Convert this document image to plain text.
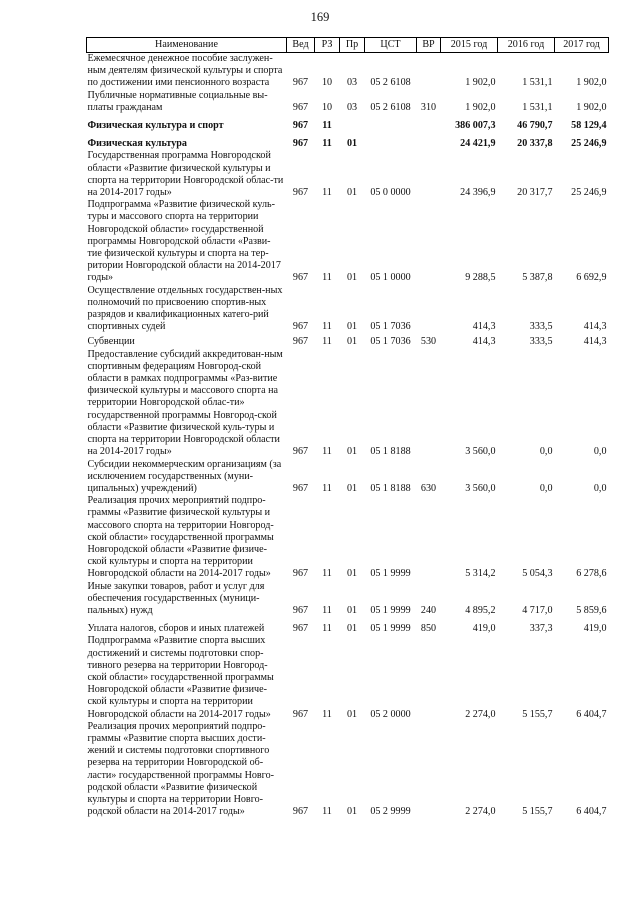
169
Наименование	Вед	РЗ	Пр	ЦСТ	ВР	2015 год	2016 год	2017 год
Ежемесячное денежное пособие заслужен-ным деятелям физической культуры и спорта по достижении ими пенсионного возраста	967	10	03	05 2 6108		1 902,0	1 531,1	1 902,0
Публичные нормативные социальные вы-платы гражданам	967	10	03	05 2 6108	310	1 902,0	1 531,1	1 902,0
Физическая культура и спорт	967	11				386 007,3	46 790,7	58 129,4
Физическая культура	967	11	01			24 421,9	20 337,8	25 246,9
Государственная программа Новгородской области «Развитие физической культуры и спорта на территории Новгородской облас-ти на 2014-2017 годы»	967	11	01	05 0 0000		24 396,9	20 317,7	25 246,9
Подпрограмма «Развитие физической куль-туры и массового спорта на территории Новгородской области» государственной программы Новгородской области «Разви-тие физической культуры и спорта на тер-ритории Новгородской области на 2014-2017 годы»	967	11	01	05 1 0000		9 288,5	5 387,8	6 692,9
Осуществление отдельных государствен-ных полномочий по присвоению спортив-ных разрядов и квалификационных катего-рий спортивных судей	967	11	01	05 1 7036		414,3	333,5	414,3
Субвенции	967	11	01	05 1 7036	530	414,3	333,5	414,3
Предоставление субсидий аккредитован-ным спортивным федерациям Новгород-ской области в рамках подпрограммы «Раз-витие физической культуры и массового спорта на территории Новгородской облас-ти» государственной программы Новгород-ской области «Развитие физической куль-туры и спорта на территории Новгородской области на 2014-2017 годы»	967	11	01	05 1 8188		3 560,0	0,0	0,0
Субсидии некоммерческим организациям (за исключением государственных (муни-ципальных) учреждений)	967	11	01	05 1 8188	630	3 560,0	0,0	0,0
Реализация прочих мероприятий подпро-граммы «Развитие физической культуры и массового спорта на территории Новгород-ской области» государственной программы Новгородской области «Развитие физиче-ской культуры и спорта на территории Новгородской области на 2014-2017 годы»	967	11	01	05 1 9999		5 314,2	5 054,3	6 278,6
Иные закупки товаров, работ и услуг для обеспечения государственных (муници-пальных) нужд	967	11	01	05 1 9999	240	4 895,2	4 717,0	5 859,6
Уплата налогов, сборов и иных платежей	967	11	01	05 1 9999	850	419,0	337,3	419,0
Подпрограмма «Развитие спорта высших достижений и системы подготовки спор-тивного резерва на территории Новгород-ской области» государственной программы Новгородской области «Развитие физиче-ской культуры и спорта на территории Новгородской области на 2014-2017 годы»	967	11	01	05 2 0000		2 274,0	5 155,7	6 404,7
Реализация прочих мероприятий подпро-граммы «Развитие спорта высших дости-жений и системы подготовки спортивного резерва на территории Новгородской об-ласти» государственной программы Новго-родской области «Развитие физической культуры и спорта на территории Новго-родской области на 2014-2017 годы»	967	11	01	05 2 9999		2 274,0	5 155,7	6 404,7
